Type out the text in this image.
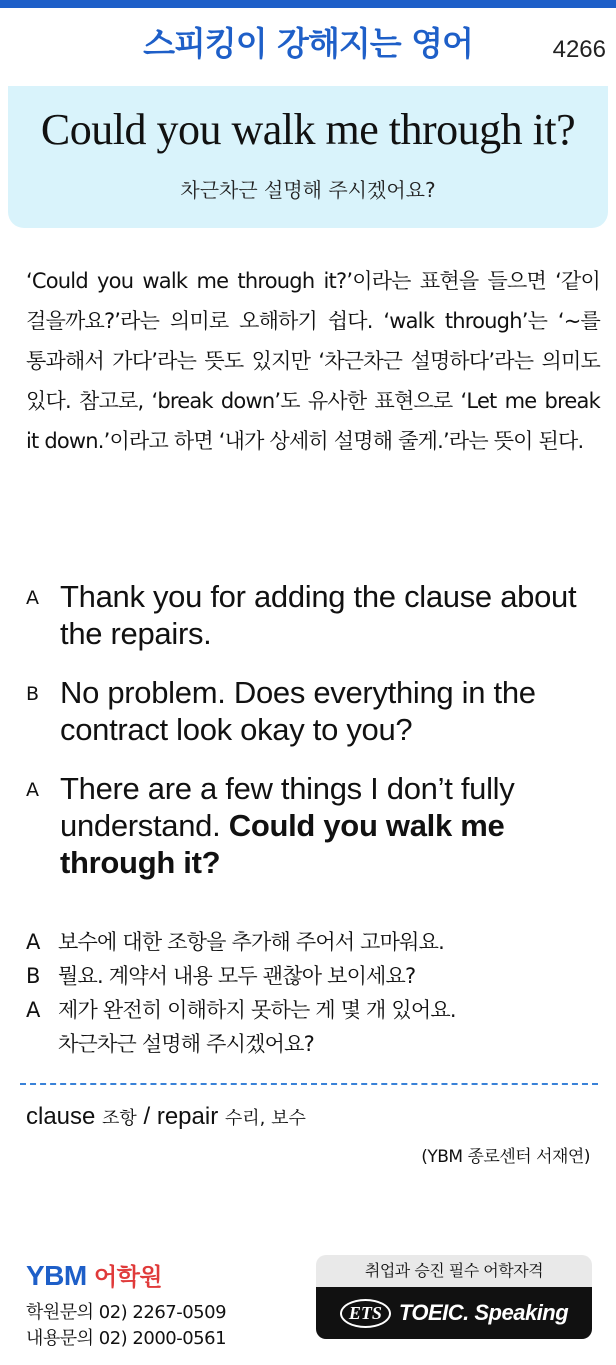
스피킹이 강해지는 영어	4266
Could you walk me through it?
차근차근 설명해 주시겠어요?
‘Could you walk me through it?’이라는 표현을 들으면 ‘같이 걸을까요?’라는 의미로 오해하기 쉽다. ‘walk through’는 ‘~를 통과해서 가다’라는 뜻도 있지만 ‘차근차근 설명하다’라는 의미도 있다. 참고로, ‘break down’도 유사한 표현으로 ‘Let me break it down.’이라고 하면 ‘내가 상세히 설명해 줄게.’라는 뜻이 된다.
A Thank you for adding the clause about the repairs.
B No problem. Does everything in the contract look okay to you?
A There are a few things I don’t fully understand. Could you walk me through it?
A 보수에 대한 조항을 추가해 주어서 고마워요.
B 뭘요. 계약서 내용 모두 괜찮아 보이세요?
A 제가 완전히 이해하지 못하는 게 몇 개 있어요.
차근차근 설명해 주시겠어요?
clause 조항 / repair 수리, 보수
(YBM 종로센터 서재연)
YBM 어학원
학원문의 02) 2267-0509
내용문의 02) 2000-0561
취업과 승진 필수 어학자격
ETS TOEIC. Speaking
